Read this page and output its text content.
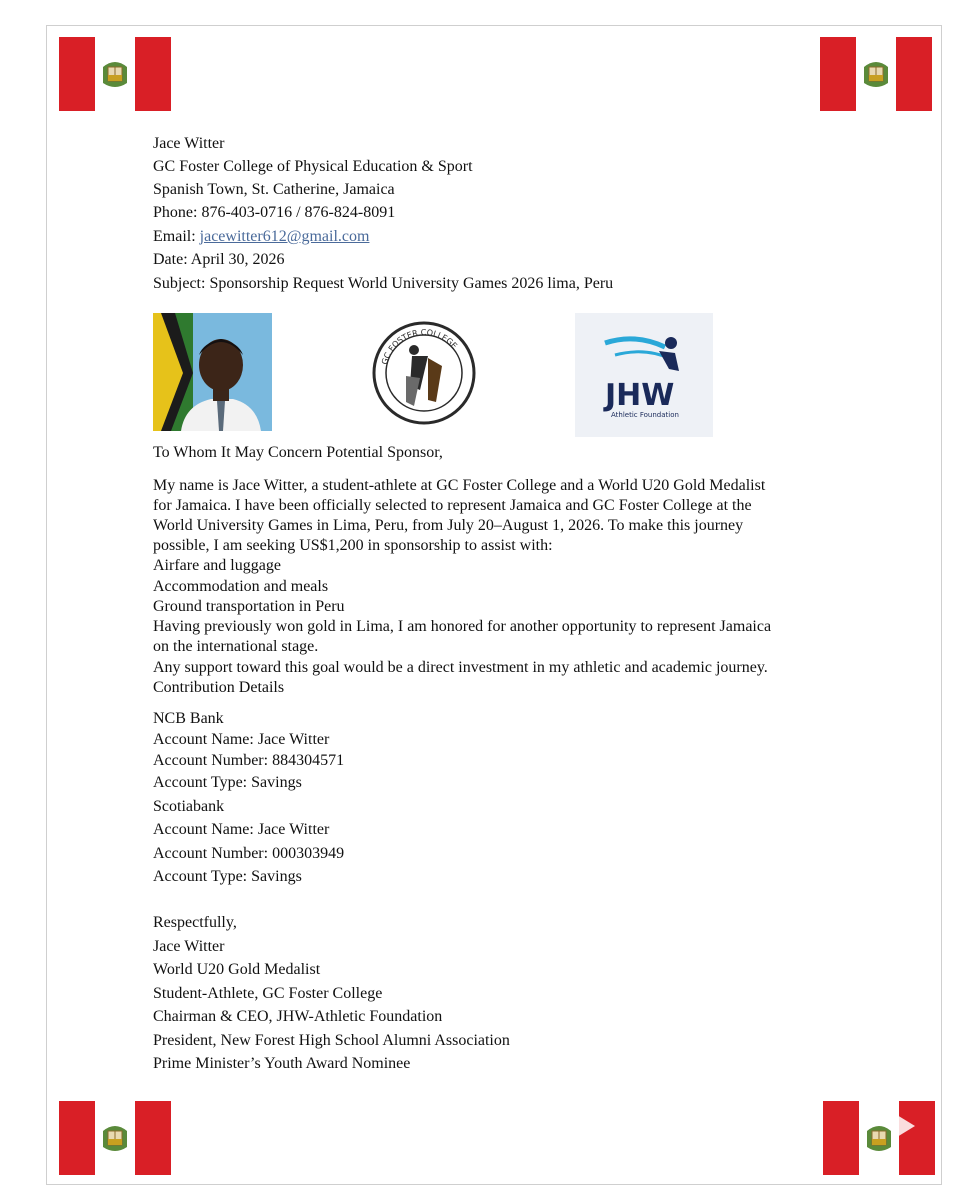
Jace Witter
GC Foster College of Physical Education & Sport
Spanish Town, St. Catherine, Jamaica
Phone: 876-403-0716 / 876-824-8091
Email: jacewitter612@gmail.com
Date: April 30, 2026
Subject: Sponsorship Request World University Games 2026 lima, Peru
GC FOSTER COLLEGE
JHW
Athletic Foundation
To Whom It May Concern Potential Sponsor,
My name is Jace Witter, a student-athlete at GC Foster College and a World U20 Gold Medalist
for Jamaica. I have been officially selected to represent Jamaica and GC Foster College at the
World University Games in Lima, Peru, from July 20–August 1, 2026. To make this journey
possible, I am seeking US$1,200 in sponsorship to assist with:
Airfare and luggage
Accommodation and meals
Ground transportation in Peru
Having previously won gold in Lima, I am honored for another opportunity to represent Jamaica
on the international stage.
Any support toward this goal would be a direct investment in my athletic and academic journey.
Contribution Details
NCB Bank
Account Name: Jace Witter
Account Number: 884304571
Account Type: Savings
Scotiabank
Account Name: Jace Witter
Account Number: 000303949
Account Type: Savings
Respectfully,
Jace Witter
World U20 Gold Medalist
Student-Athlete, GC Foster College
Chairman & CEO, JHW-Athletic Foundation
President, New Forest High School Alumni Association
Prime Minister’s Youth Award Nominee
